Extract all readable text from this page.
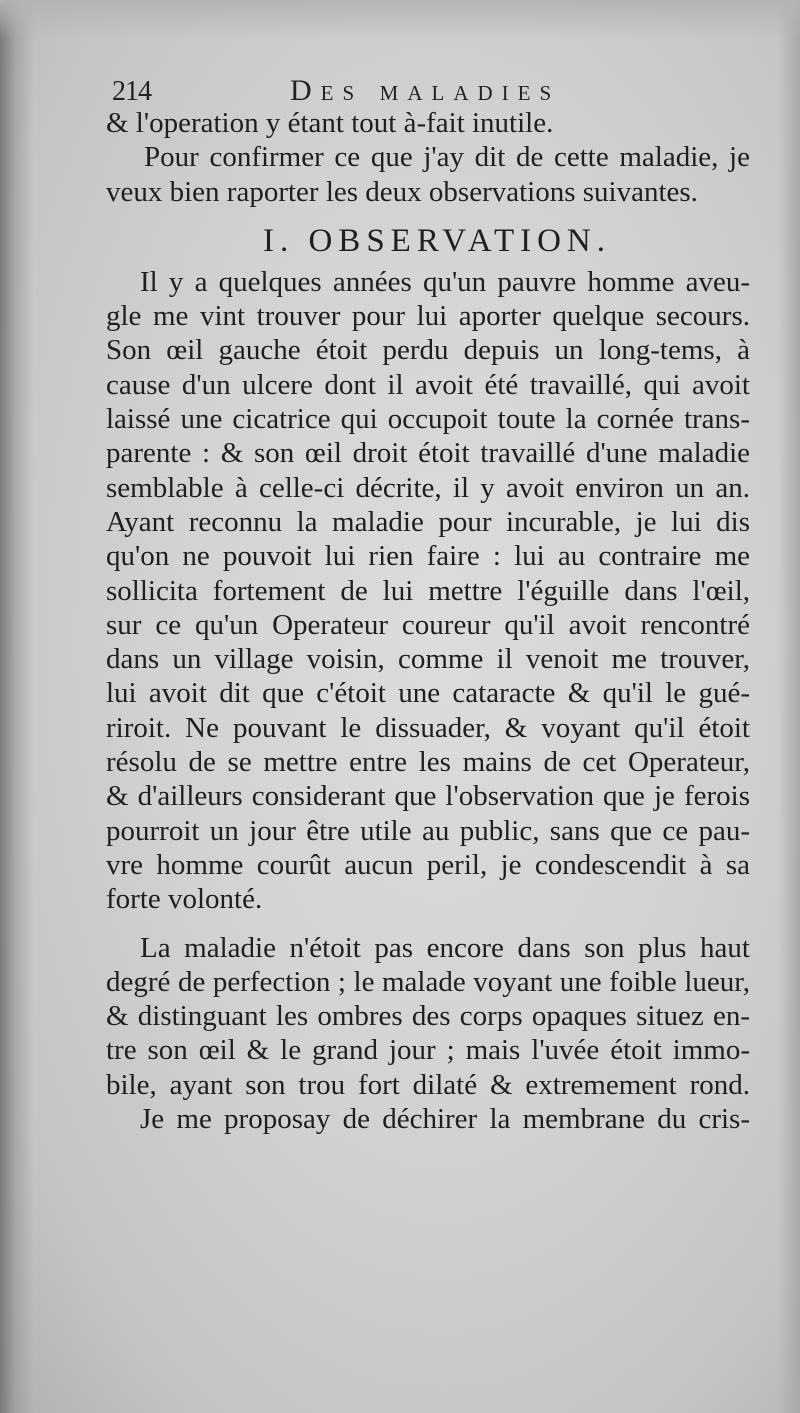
214	Des maladies
& l'operation y étant tout à-fait inutile.
Pour confirmer ce que j'ay dit de cette maladie, je
veux bien raporter les deux observations suivantes.
I. OBSERVATION.
Il y a quelques années qu'un pauvre homme aveu-
gle me vint trouver pour lui aporter quelque secours.
Son œil gauche étoit perdu depuis un long-tems, à
cause d'un ulcere dont il avoit été travaillé, qui avoit
laissé une cicatrice qui occupoit toute la cornée trans-
parente : & son œil droit étoit travaillé d'une maladie
semblable à celle-ci décrite, il y avoit environ un an.
Ayant reconnu la maladie pour incurable, je lui dis
qu'on ne pouvoit lui rien faire : lui au contraire me
sollicita fortement de lui mettre l'éguille dans l'œil,
sur ce qu'un Operateur coureur qu'il avoit rencontré
dans un village voisin, comme il venoit me trouver,
lui avoit dit que c'étoit une cataracte & qu'il le gué-
riroit. Ne pouvant le dissuader, & voyant qu'il étoit
résolu de se mettre entre les mains de cet Operateur,
& d'ailleurs considerant que l'observation que je ferois
pourroit un jour être utile au public, sans que ce pau-
vre homme courût aucun peril, je condescendit à sa
forte volonté.
La maladie n'étoit pas encore dans son plus haut
degré de perfection ; le malade voyant une foible lueur,
& distinguant les ombres des corps opaques situez en-
tre son œil & le grand jour ; mais l'uvée étoit immo-
bile, ayant son trou fort dilaté & extremement rond.
Je me proposay de déchirer la membrane du cris-
